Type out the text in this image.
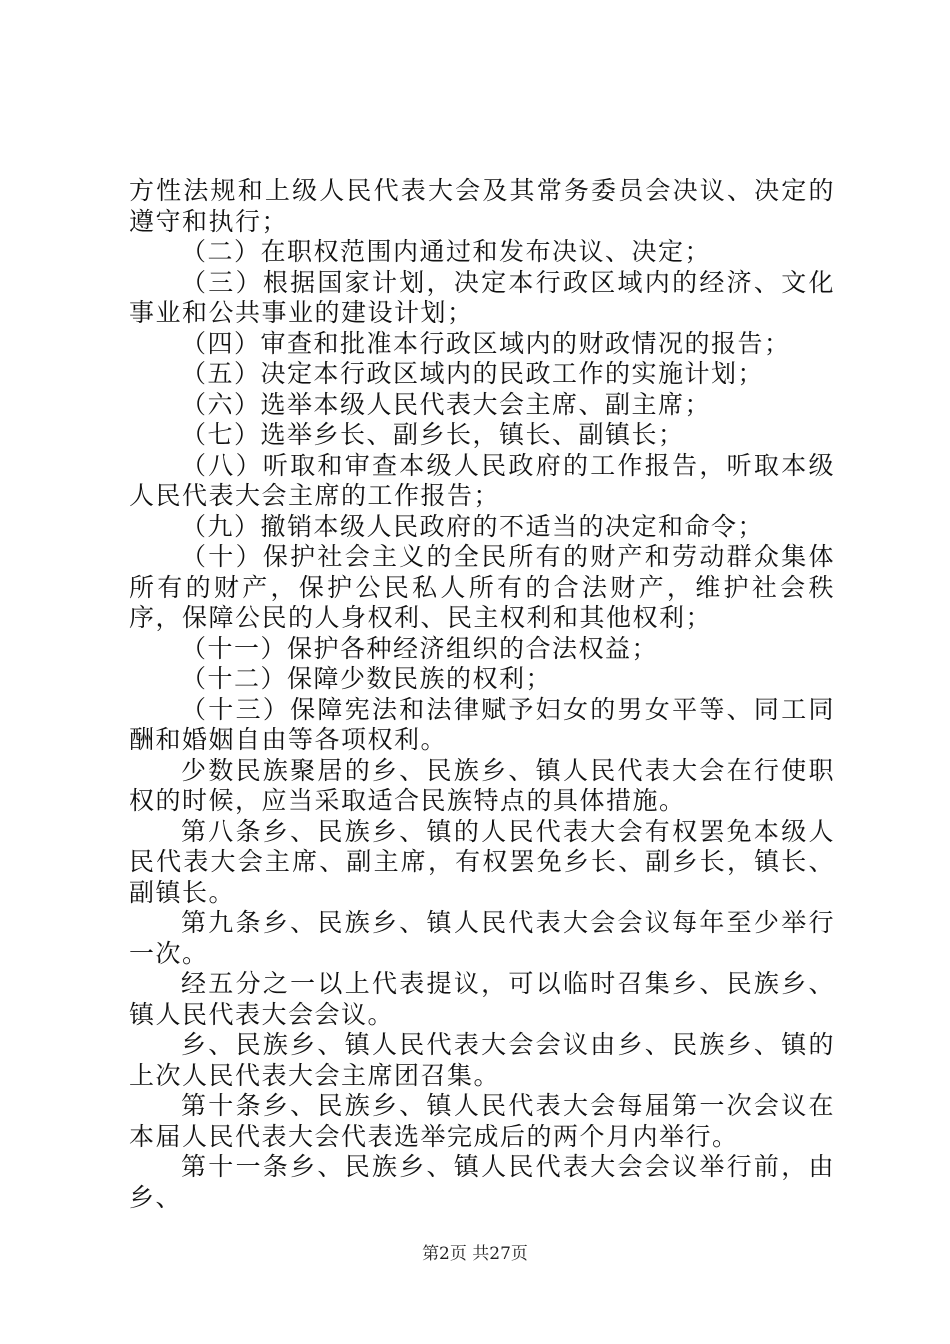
方性法规和上级人民代表大会及其常务委员会决议、决定的遵守和执行；

（二）在职权范围内通过和发布决议、决定；

（三）根据国家计划，决定本行政区域内的经济、文化事业和公共事业的建设计划；

（四）审查和批准本行政区域内的财政情况的报告；

（五）决定本行政区域内的民政工作的实施计划；

（六）选举本级人民代表大会主席、副主席；

（七）选举乡长、副乡长，镇长、副镇长；

（八）听取和审查本级人民政府的工作报告，听取本级人民代表大会主席的工作报告；

（九）撤销本级人民政府的不适当的决定和命令；

（十）保护社会主义的全民所有的财产和劳动群众集体所有的财产，保护公民私人所有的合法财产，维护社会秩序，保障公民的人身权利、民主权利和其他权利；

（十一）保护各种经济组织的合法权益；

（十二）保障少数民族的权利；

（十三）保障宪法和法律赋予妇女的男女平等、同工同酬和婚姻自由等各项权利。

少数民族聚居的乡、民族乡、镇人民代表大会在行使职权的时候，应当采取适合民族特点的具体措施。

第八条乡、民族乡、镇的人民代表大会有权罢免本级人民代表大会主席、副主席，有权罢免乡长、副乡长，镇长、副镇长。

第九条乡、民族乡、镇人民代表大会会议每年至少举行一次。

经五分之一以上代表提议，可以临时召集乡、民族乡、镇人民代表大会会议。

乡、民族乡、镇人民代表大会会议由乡、民族乡、镇的上次人民代表大会主席团召集。

第十条乡、民族乡、镇人民代表大会每届第一次会议在本届人民代表大会代表选举完成后的两个月内举行。

第十一条乡、民族乡、镇人民代表大会会议举行前，由乡、

第2页 共27页
